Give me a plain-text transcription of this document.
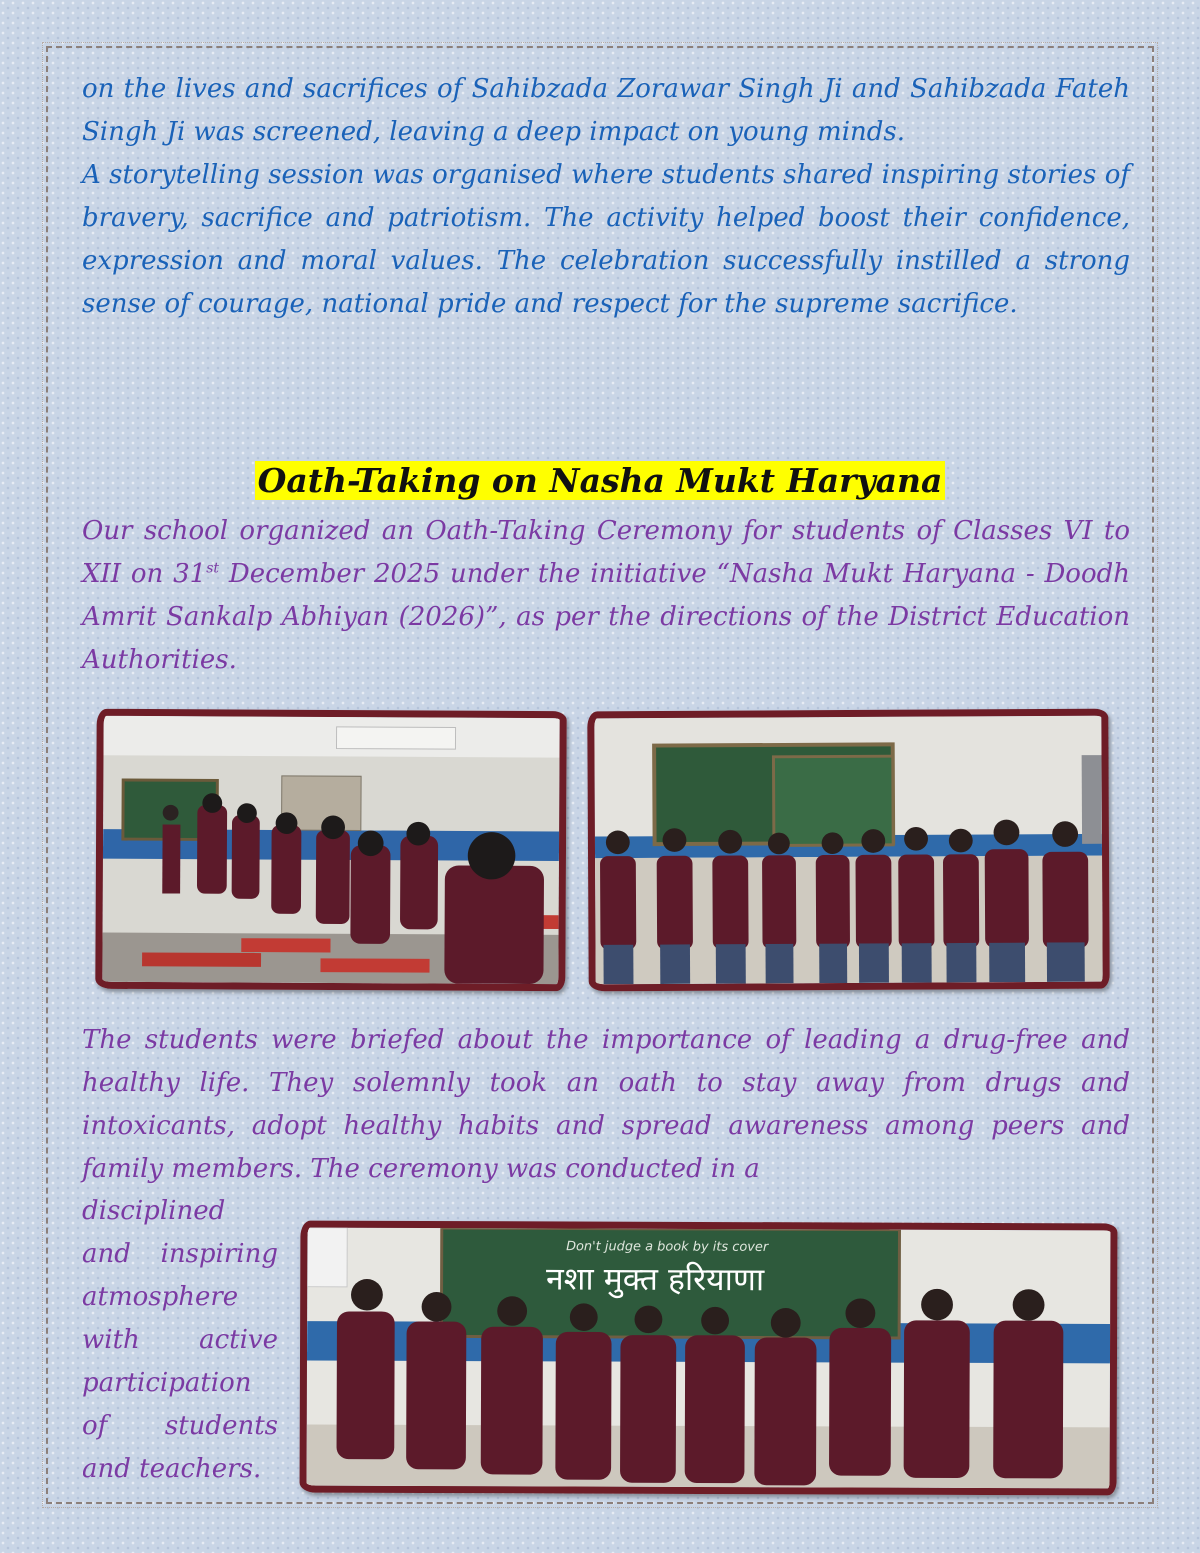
on the lives and sacrifices of Sahibzada Zorawar Singh Ji and Sahibzada Fateh Singh Ji was screened, leaving a deep impact on young minds.
A storytelling session was organised where students shared inspiring stories of bravery, sacrifice and patriotism. The activity helped boost their confidence, expression and moral values. The celebration successfully instilled a strong sense of courage, national pride and respect for the supreme sacrifice.

Oath-Taking on Nasha Mukt Haryana

Our school organized an Oath-Taking Ceremony for students of Classes VI to XII on 31st December 2025 under the initiative “Nasha Mukt Haryana - Doodh Amrit Sankalp Abhiyan (2026)”, as per the directions of the District Education Authorities.

The students were briefed about the importance of leading a drug-free and healthy life. They solemnly took an oath to stay away from drugs and intoxicants, adopt healthy habits and spread awareness among peers and family members. The ceremony was conducted in a

disciplined and inspiring atmosphere with active participation of students and teachers.

Don't judge a book by its cover
नशा मुक्त हरियाणा
